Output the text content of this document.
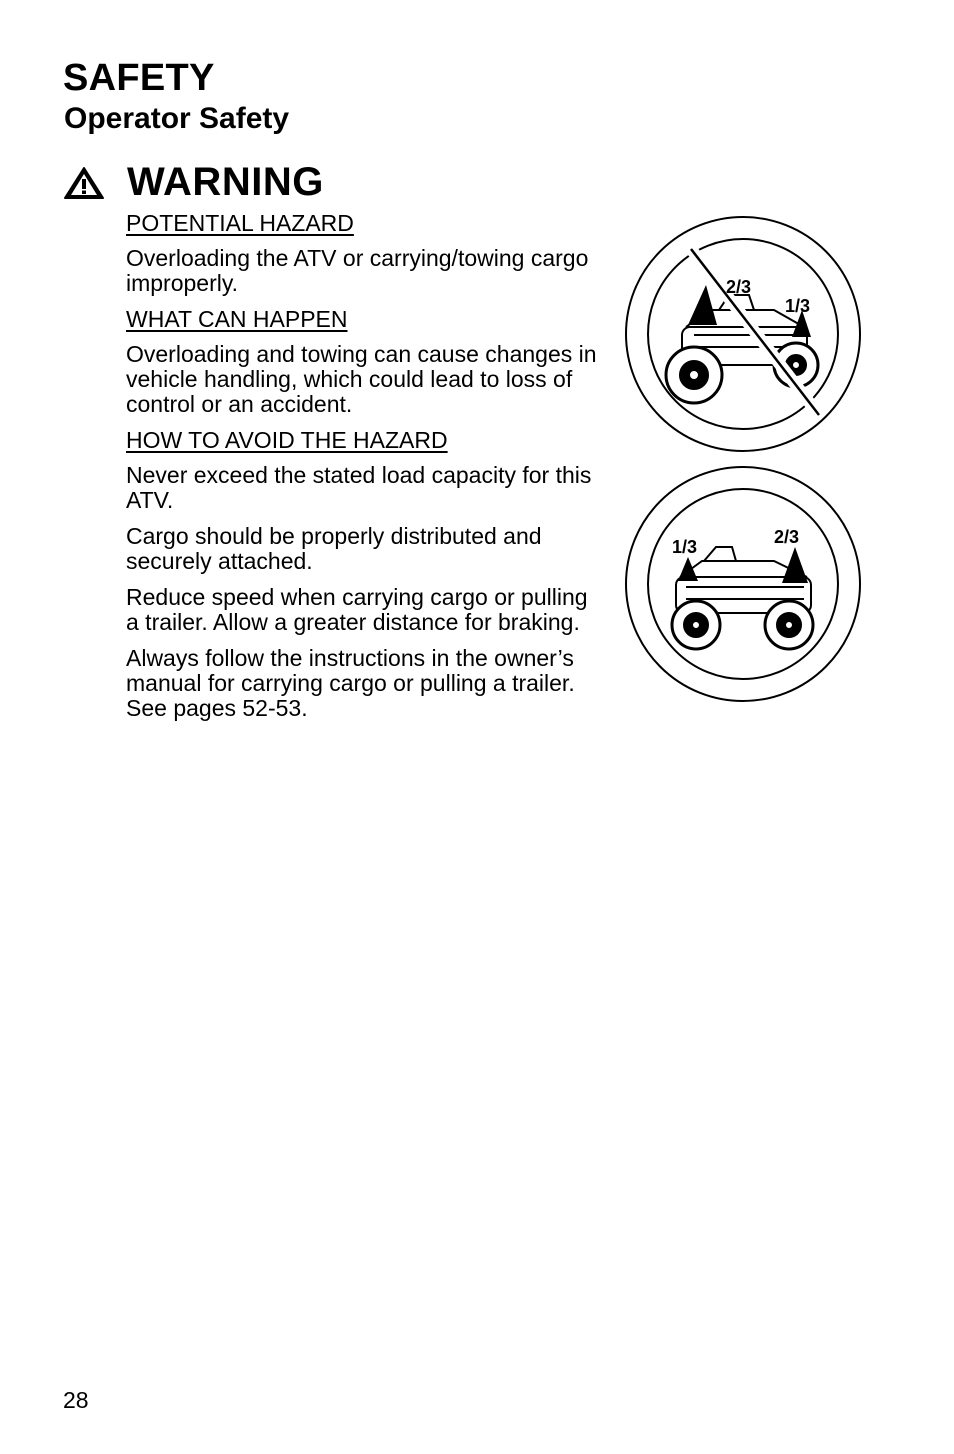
SAFETY
Operator Safety
WARNING

POTENTIAL HAZARD

Overloading the ATV or carrying/towing cargo improperly.

WHAT CAN HAPPEN

Overloading and towing can cause changes in vehicle handling, which could lead to loss of control or an accident.

HOW TO AVOID THE HAZARD

Never exceed the stated load capacity for this ATV.

Cargo should be properly distributed and securely attached.

Reduce speed when carrying cargo or pulling a trailer. Allow a greater distance for braking.

Always follow the instructions in the owner’s manual for carrying cargo or pulling a trailer. See pages 52-53.

2/3
1/3
1/3	2/3
28
